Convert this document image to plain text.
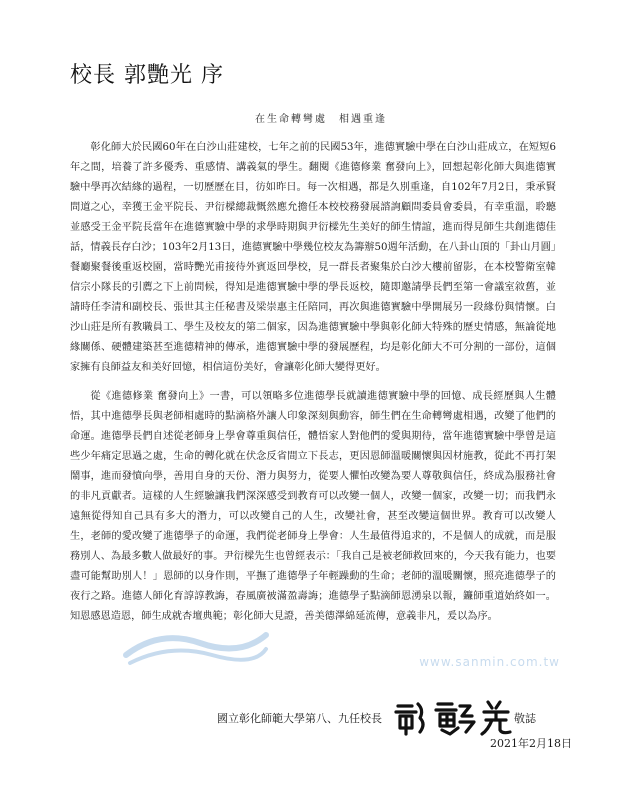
校長 郭艷光 序
在生命轉彎處　相遇重逢

彰化師大於民國60年在白沙山莊建校，七年之前的民國53年，進德實驗中學在白沙山莊成立，在短短6年之間，培養了許多優秀、重感情、講義氣的學生。翻閱《進德修業 奮發向上》，回想起彰化師大與進德實驗中學再次結緣的過程，一切歷歷在目，彷如昨日。每一次相遇，都是久別重逢，自102年7月2日，秉承賢問道之心，幸獲王金平院長、尹衍樑總裁慨然應允擔任本校校務發展諮詢顧問委員會委員，有幸重溫，聆聽並感受王金平院長當年在進德實驗中學的求學時期與尹衍樑先生美好的師生情誼，進而得見師生共創進德佳話，情義長存白沙；103年2月13日，進德實驗中學幾位校友為籌辦50週年活動，在八卦山頂的「卦山月圓」餐廳聚餐後重返校園，當時艷光甫接待外賓返回學校，見一群長者聚集於白沙大樓前留影，在本校警衛室韓信宗小隊長的引薦之下上前問候，得知是進德實驗中學的學長返校，隨即邀請學長們至第一會議室敘舊，並請時任李清和副校長、張世其主任秘書及梁崇惠主任陪同，再次與進德實驗中學開展另一段緣份與情懷。白沙山莊是所有教職員工、學生及校友的第二個家，因為進德實驗中學與彰化師大特殊的歷史情感，無論從地緣關係、硬體建築甚至進德精神的傳承，進德實驗中學的發展歷程，均是彰化師大不可分割的一部份，這個家擁有良師益友和美好回憶，相信這份美好，會讓彰化師大變得更好。

從《進德修業 奮發向上》一書，可以領略多位進德學長就讀進德實驗中學的回憶、成長經歷與人生體悟，其中進德學長與老師相處時的點滴格外讓人印象深刻與動容，師生們在生命轉彎處相遇，改變了他們的命運。進德學長們自述從老師身上學會尊重與信任，體悟家人對他們的愛與期待，當年進德實驗中學曾是這些少年痛定思過之處，生命的轉化就在伏念反省間立下長志，更因恩師溫暖關懷與因材施教，從此不再打架鬧事，進而發憤向學，善用自身的天份、潛力與努力，從要人懼怕改變為要人尊敬與信任，終成為服務社會的非凡貢獻者。這樣的人生經驗讓我們深深感受到教育可以改變一個人，改變一個家，改變一切；而我們永遠無從得知自己具有多大的潛力，可以改變自己的人生，改變社會，甚至改變這個世界。教育可以改變人生，老師的愛改變了進德學子的命運，我們從老師身上學會：人生最值得追求的，不是個人的成就，而是服務別人、為最多數人做最好的事。尹衍樑先生也曾經表示：「我自己是被老師救回來的，今天我有能力，也要盡可能幫助別人！」恩師的以身作則，平撫了進德學子年輕躁動的生命；老師的溫暖關懷，照亮進德學子的夜行之路。進德人師化育諄諄教誨，春風廣被滿盈壽誨；進德學子點滴師恩湧泉以報，鐮師重道始終如一。知恩感恩造恩，師生成就杏壇典範；彰化師大見證，善美德澤綿延流傳，意義非凡，爰以為序。

www.sanmin.com.tw
國立彰化師範大學第八、九任校長	敬誌
2021年2月18日
